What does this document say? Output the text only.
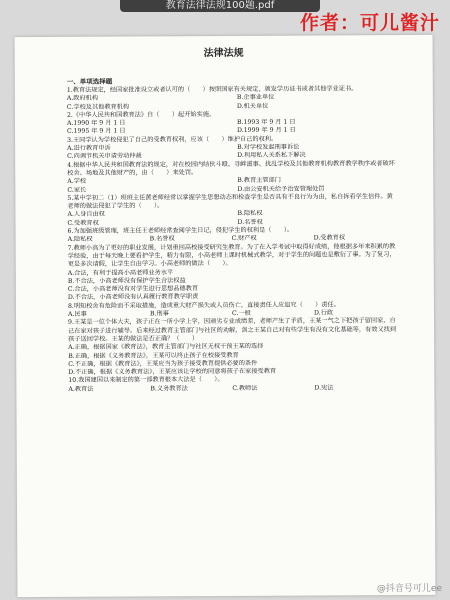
教育法律法规100题.pdf
作者：可儿酱汁
法律法规
一、单项选择题
1.教育法规定，经国家批准设立或者认可的（　　）按照国家有关规定，颁发学历证书或者其他学业证书。
A.政府机构	B.企事业单位
C.学校及其他教育机构	D.机关单位
2.《中华人民共和国教育法》自（　　）起开始实施。
A.1990 年 9 月 1 日	B.1993 年 9 月 1 日
C.1995 年 9 月 1 日	D.1999 年 9 月 1 日
3.王同学认为学校侵犯了自己的受教育权利，应该（　　）维护自己的权利。
A.进行教育申诉	B.对学校发起刑事诉讼
C.向调节机关申请劳动仲裁	D.利用私人关系私下解决
4.根据中华人民共和国教育法的规定，对在校园内结伙斗殴、寻衅滋事、扰乱学校及其他教育机构教育教学秩序或者破坏校舍、场地及其他财产的，由（　　）来处罚。
A.学校	B.教育主管部门
C.家长	D.由公安机关给予治安管理处罚
5.某中学初二（1）班班主任黄老师经常以掌握学生思想动态和检查学生是否具有不良行为为由，私自拆看学生信件。黄老师的做法侵犯了学生的（　　）。
A.人身自由权	B.隐私权
C.受教育权	D.名誉权
6.为加强班级管理，班主任王老师经常查阅学生日记，侵犯学生的权利是（　　）。
A.隐私权	B.名誉权	C.财产权	D.受教育权
7.教师小高为了更好的职业发展，计划重回高校接受研究生教育。为了在入学考试中取得好成绩，他根据多年来积累的教学经验，由于每天晚上要看护学生，精力有限，小高老师上课时机械式教学，对于学生的问题也是敷衍了事。为了复习，更是多次请假，让学生自由学习。小高老师的做法（　　）。
A.合法，有利于提高小高老师业务水平
B.不合法，小高老师没有保护学生合法权益
C.合法，小高老师没有对学生进行思想品德教育
D.不合法，小高老师没有认真履行教育教学职责
8.明知校舍有危险而不采取措施，造成重大财产损失或人员伤亡，直接责任人应追究（　　）责任。
A.民事	B.刑事	C.一般	D.行政
9.王某是一位个体大夫，孩子正在一所小学上学，因顽劣专业成绩差，老师产生了矛盾，王某一气之下把孩子留回家，自己在家对孩子进行辅导。后来经过教育主管部门与社区的劝解，剑之王某自己对有些学生有没有文化基础等，有效又找到孩子送回学校。王某的做法是否正确？（　　）
A.正确，根据国家《教育法》，教育主管部门与社区无权干预王某的选择
B.正确，根据《义务教育法》，王某可以终止孩子在校接受教育
C.不正确，根据《教育法》，王某应当为孩子接受教育提供必要的条件
D.不正确，根据《义务教育法》，王某应该让学校的同意将孩子在家接受教育
10.我国建国以来制定的第一部教育根本大法是（　　）。
A.教育法	B.义务教育法	C.教师法	D.宪法
@抖音号可儿ee
